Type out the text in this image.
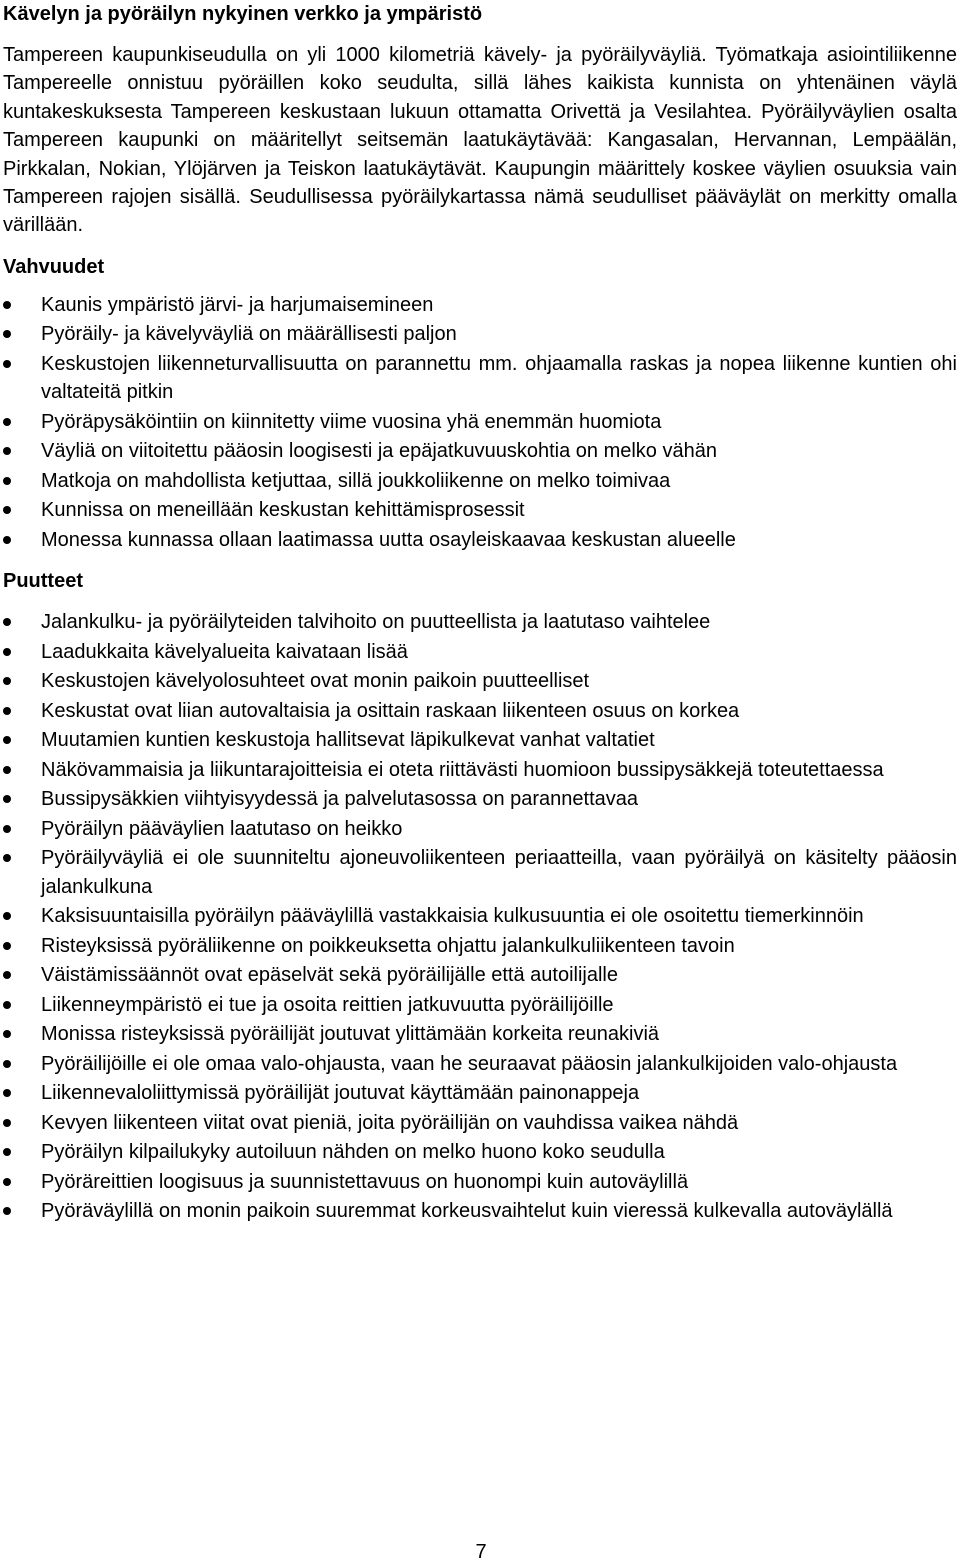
Kävelyn ja pyöräilyn nykyinen verkko ja ympäristö

Tampereen kaupunkiseudulla on yli 1000 kilometriä kävely- ja pyöräilyväyliä. Työmatkaja asiointiliikenne Tampereelle onnistuu pyöräillen koko seudulta, sillä lähes kaikista kunnista on yhtenäinen väylä kuntakeskuksesta Tampereen keskustaan lukuun ottamatta Orivettä ja Vesilahtea. Pyöräilyväylien osalta Tampereen kaupunki on määritellyt seitsemän laatukäytävää: Kangasalan, Hervannan, Lempäälän, Pirkkalan, Nokian, Ylöjärven ja Teiskon laatukäytävät. Kaupungin määrittely koskee väylien osuuksia vain Tampereen rajojen sisällä. Seudullisessa pyöräilykartassa nämä seudulliset pääväylät on merkitty omalla värillään.

Vahvuudet
Kaunis ympäristö järvi- ja harjumaisemineen
Pyöräily- ja kävelyväyliä on määrällisesti paljon
Keskustojen liikenneturvallisuutta on parannettu mm. ohjaamalla raskas ja nopea liikenne kuntien ohi valtateitä pitkin
Pyöräpysäköintiin on kiinnitetty viime vuosina yhä enemmän huomiota
Väyliä on viitoitettu pääosin loogisesti ja epäjatkuvuuskohtia on melko vähän
Matkoja on mahdollista ketjuttaa, sillä joukkoliikenne on melko toimivaa
Kunnissa on meneillään keskustan kehittämisprosessit
Monessa kunnassa ollaan laatimassa uutta osayleiskaavaa keskustan alueelle
Puutteet
Jalankulku- ja pyöräilyteiden talvihoito on puutteellista ja laatutaso vaihtelee
Laadukkaita kävelyalueita kaivataan lisää
Keskustojen kävelyolosuhteet ovat monin paikoin puutteelliset
Keskustat ovat liian autovaltaisia ja osittain raskaan liikenteen osuus on korkea
Muutamien kuntien keskustoja hallitsevat läpikulkevat vanhat valtatiet
Näkövammaisia ja liikuntarajoitteisia ei oteta riittävästi huomioon bussipysäkkejä toteutettaessa
Bussipysäkkien viihtyisyydessä ja palvelutasossa on parannettavaa
Pyöräilyn pääväylien laatutaso on heikko
Pyöräilyväyliä ei ole suunniteltu ajoneuvoliikenteen periaatteilla, vaan pyöräilyä on käsitelty pääosin jalankulkuna
Kaksisuuntaisilla pyöräilyn pääväylillä vastakkaisia kulkusuuntia ei ole osoitettu tiemerkinnöin
Risteyksissä pyöräliikenne on poikkeuksetta ohjattu jalankulkuliikenteen tavoin
Väistämissäännöt ovat epäselvät sekä pyöräilijälle että autoilijalle
Liikenneympäristö ei tue ja osoita reittien jatkuvuutta pyöräilijöille
Monissa risteyksissä pyöräilijät joutuvat ylittämään korkeita reunakiviä
Pyöräilijöille ei ole omaa valo-ohjausta, vaan he seuraavat pääosin jalankulkijoiden valo-ohjausta
Liikennevaloliittymissä pyöräilijät joutuvat käyttämään painonappeja
Kevyen liikenteen viitat ovat pieniä, joita pyöräilijän on vauhdissa vaikea nähdä
Pyöräilyn kilpailukyky autoiluun nähden on melko huono koko seudulla
Pyöräreittien loogisuus ja suunnistettavuus on huonompi kuin autoväylillä
Pyöräväylillä on monin paikoin suuremmat korkeusvaihtelut kuin vieressä kulkevalla autoväylällä
7
